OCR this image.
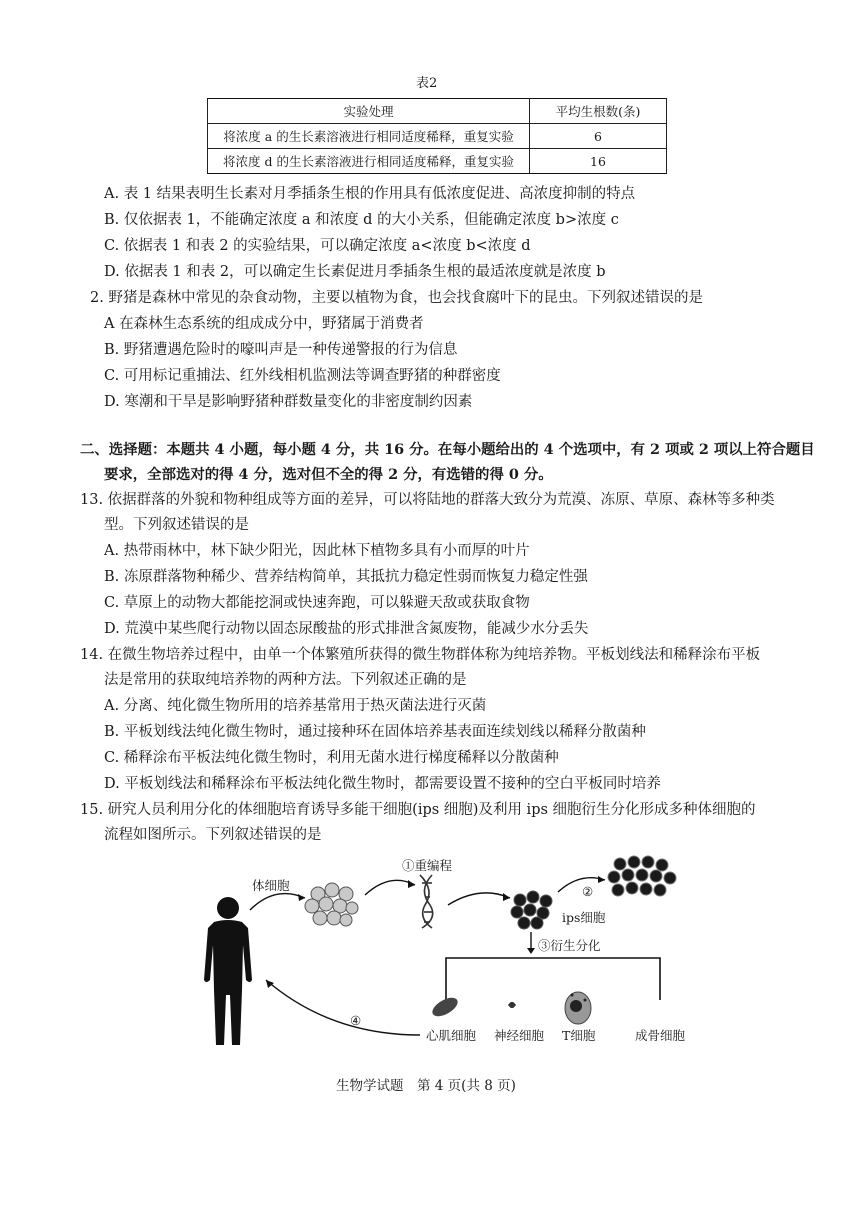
表2
实验处理	平均生根数(条)
将浓度 a 的生长素溶液进行相同适度稀释，重复实验	6
将浓度 d 的生长素溶液进行相同适度稀释，重复实验	16
A. 表 1 结果表明生长素对月季插条生根的作用具有低浓度促进、高浓度抑制的特点
B. 仅依据表 1，不能确定浓度 a 和浓度 d 的大小关系，但能确定浓度 b>浓度 c
C. 依据表 1 和表 2 的实验结果，可以确定浓度 a<浓度 b<浓度 d
D. 依据表 1 和表 2，可以确定生长素促进月季插条生根的最适浓度就是浓度 b
2. 野猪是森林中常见的杂食动物，主要以植物为食，也会找食腐叶下的昆虫。下列叙述错误的是
A 在森林生态系统的组成成分中，野猪属于消费者
B. 野猪遭遇危险时的嚎叫声是一种传递警报的行为信息
C. 可用标记重捕法、红外线相机监测法等调查野猪的种群密度
D. 寒潮和干旱是影响野猪种群数量变化的非密度制约因素
二、选择题：本题共 4 小题，每小题 4 分，共 16 分。在每小题给出的 4 个选项中，有 2 项或 2 项以上符合题目
要求，全部选对的得 4 分，选对但不全的得 2 分，有选错的得 0 分。
13. 依据群落的外貌和物种组成等方面的差异，可以将陆地的群落大致分为荒漠、冻原、草原、森林等多种类
型。下列叙述错误的是
A. 热带雨林中，林下缺少阳光，因此林下植物多具有小而厚的叶片
B. 冻原群落物种稀少、营养结构简单，其抵抗力稳定性弱而恢复力稳定性强
C. 草原上的动物大都能挖洞或快速奔跑，可以躲避天敌或获取食物
D. 荒漠中某些爬行动物以固态尿酸盐的形式排泄含氮废物，能减少水分丢失
14. 在微生物培养过程中，由单一个体繁殖所获得的微生物群体称为纯培养物。平板划线法和稀释涂布平板
法是常用的获取纯培养物的两种方法。下列叙述正确的是
A. 分离、纯化微生物所用的培养基常用于热灭菌法进行灭菌
B. 平板划线法纯化微生物时，通过接种环在固体培养基表面连续划线以稀释分散菌种
C. 稀释涂布平板法纯化微生物时，利用无菌水进行梯度稀释以分散菌种
D. 平板划线法和稀释涂布平板法纯化微生物时，都需要设置不接种的空白平板同时培养
15. 研究人员利用分化的体细胞培育诱导多能干细胞(ips 细胞)及利用 ips 细胞衍生分化形成多种体细胞的
流程如图所示。下列叙述错误的是
体细胞
①重编程
②
ips细胞
③衍生分化
④
心肌细胞 神经细胞 T细胞	成骨细胞
生物学试题　第 4 页(共 8 页)
